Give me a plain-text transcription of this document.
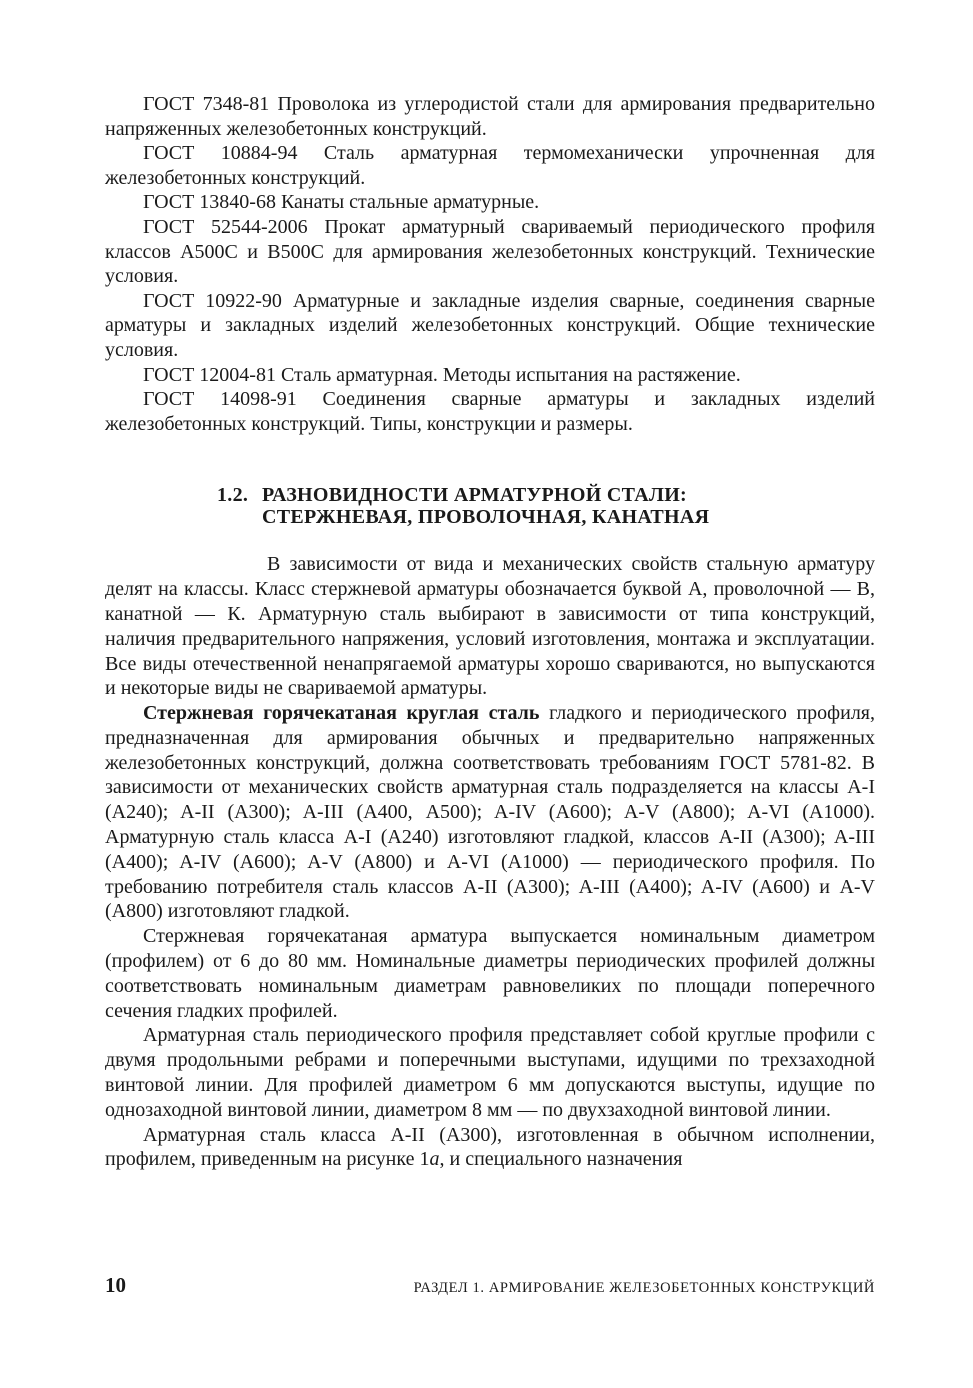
ГОСТ 7348-81 Проволока из углеродистой стали для армирования предварительно напряженных железобетонных конструкций.

ГОСТ 10884-94 Сталь арматурная термомеханически упрочненная для железобетонных конструкций.

ГОСТ 13840-68 Канаты стальные арматурные.

ГОСТ 52544-2006 Прокат арматурный свариваемый периодического профиля классов А500С и В500С для армирования железобетонных конструкций. Технические условия.

ГОСТ 10922-90 Арматурные и закладные изделия сварные, соединения сварные арматуры и закладных изделий железобетонных конструкций. Общие технические условия.

ГОСТ 12004-81 Сталь арматурная. Методы испытания на растяжение.

ГОСТ 14098-91 Соединения сварные арматуры и закладных изделий железобетонных конструкций. Типы, конструкции и размеры.

1.2. РАЗНОВИДНОСТИ АРМАТУРНОЙ СТАЛИ:
СТЕРЖНЕВАЯ, ПРОВОЛОЧНАЯ, КАНАТНАЯ

В зависимости от вида и механических свойств стальную арматуру делят на классы. Класс стержневой арматуры обозначается буквой А, проволочной — В, канатной — К. Арматурную сталь выбирают в зависимости от типа конструкций, наличия предварительного напряжения, условий изготовления, монтажа и эксплуатации. Все виды отечественной ненапрягаемой арматуры хорошо свариваются, но выпускаются и некоторые виды не свариваемой арматуры.

Стержневая горячекатаная круглая сталь гладкого и периодического профиля, предназначенная для армирования обычных и предварительно напряженных железобетонных конструкций, должна соответствовать требованиям ГОСТ 5781-82. В зависимости от механических свойств арматурная сталь подразделяется на классы A-I (А240); A-II (А300); A-III (А400, А500); A-IV (А600); A-V (А800); A-VI (А1000). Арматурную сталь класса A-I (А240) изготовляют гладкой, классов A-II (А300); A-III (А400); A-IV (А600); A-V (А800) и A-VI (А1000) — периодического профиля. По требованию потребителя сталь классов A-II (А300); A-III (А400); A-IV (А600) и A-V (А800) изготовляют гладкой.

Стержневая горячекатаная арматура выпускается номинальным диаметром (профилем) от 6 до 80 мм. Номинальные диаметры периодических профилей должны соответствовать номинальным диаметрам равновеликих по площади поперечного сечения гладких профилей.

Арматурная сталь периодического профиля представляет собой круглые профили с двумя продольными ребрами и поперечными выступами, идущими по трехзаходной винтовой линии. Для профилей диаметром 6 мм допускаются выступы, идущие по однозаходной винтовой линии, диаметром 8 мм — по двухзаходной винтовой линии.

Арматурная сталь класса A-II (А300), изготовленная в обычном исполнении, профилем, приведенным на рисунке 1а, и специального назначения

10	РАЗДЕЛ 1. АРМИРОВАНИЕ ЖЕЛЕЗОБЕТОННЫХ КОНСТРУКЦИЙ
